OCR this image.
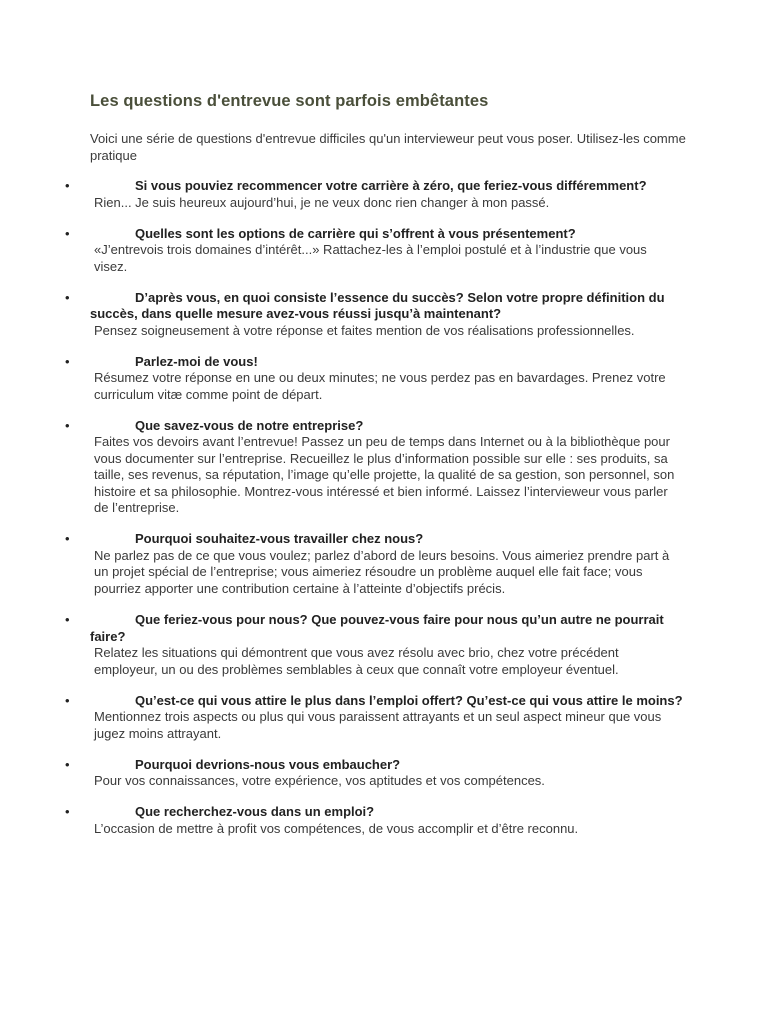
Les questions d'entrevue sont parfois embêtantes

Voici une série de questions d'entrevue difficiles qu'un intervieweur peut vous poser. Utilisez-les comme pratique

•	Si vous pouviez recommencer votre carrière à zéro, que feriez-vous différemment?
Rien... Je suis heureux aujourd’hui, je ne veux donc rien changer à mon passé.
•	Quelles sont les options de carrière qui s’offrent à vous présentement?
«J’entrevois trois domaines d’intérêt...» Rattachez-les à l’emploi postulé et à l’industrie que vous visez.
•	D’après vous, en quoi consiste l’essence du succès? Selon votre propre définition du succès, dans quelle mesure avez-vous réussi jusqu’à maintenant?
Pensez soigneusement à votre réponse et faites mention de vos réalisations professionnelles.
•	Parlez-moi de vous!
Résumez votre réponse en une ou deux minutes; ne vous perdez pas en bavardages. Prenez votre curriculum vitæ comme point de départ.
•	Que savez-vous de notre entreprise?
Faites vos devoirs avant l’entrevue! Passez un peu de temps dans Internet ou à la bibliothèque pour vous documenter sur l’entreprise. Recueillez le plus d’information possible sur elle : ses produits, sa taille, ses revenus, sa réputation, l’image qu’elle projette, la qualité de sa gestion, son personnel, son histoire et sa philosophie. Montrez-vous intéressé et bien informé. Laissez l’intervieweur vous parler de l’entreprise.
•	Pourquoi souhaitez-vous travailler chez nous?
Ne parlez pas de ce que vous voulez; parlez d’abord de leurs besoins. Vous aimeriez prendre part à un projet spécial de l’entreprise; vous aimeriez résoudre un problème auquel elle fait face; vous pourriez apporter une contribution certaine à l’atteinte d’objectifs précis.
•	Que feriez-vous pour nous? Que pouvez-vous faire pour nous qu’un autre ne pourrait faire?
Relatez les situations qui démontrent que vous avez résolu avec brio, chez votre précédent employeur, un ou des problèmes semblables à ceux que connaît votre employeur éventuel.
•	Qu’est-ce qui vous attire le plus dans l’emploi offert? Qu’est-ce qui vous attire le moins?
Mentionnez trois aspects ou plus qui vous paraissent attrayants et un seul aspect mineur que vous jugez moins attrayant.
•	Pourquoi devrions-nous vous embaucher?
Pour vos connaissances, votre expérience, vos aptitudes et vos compétences.
•	Que recherchez-vous dans un emploi?
L’occasion de mettre à profit vos compétences, de vous accomplir et d’être reconnu.
